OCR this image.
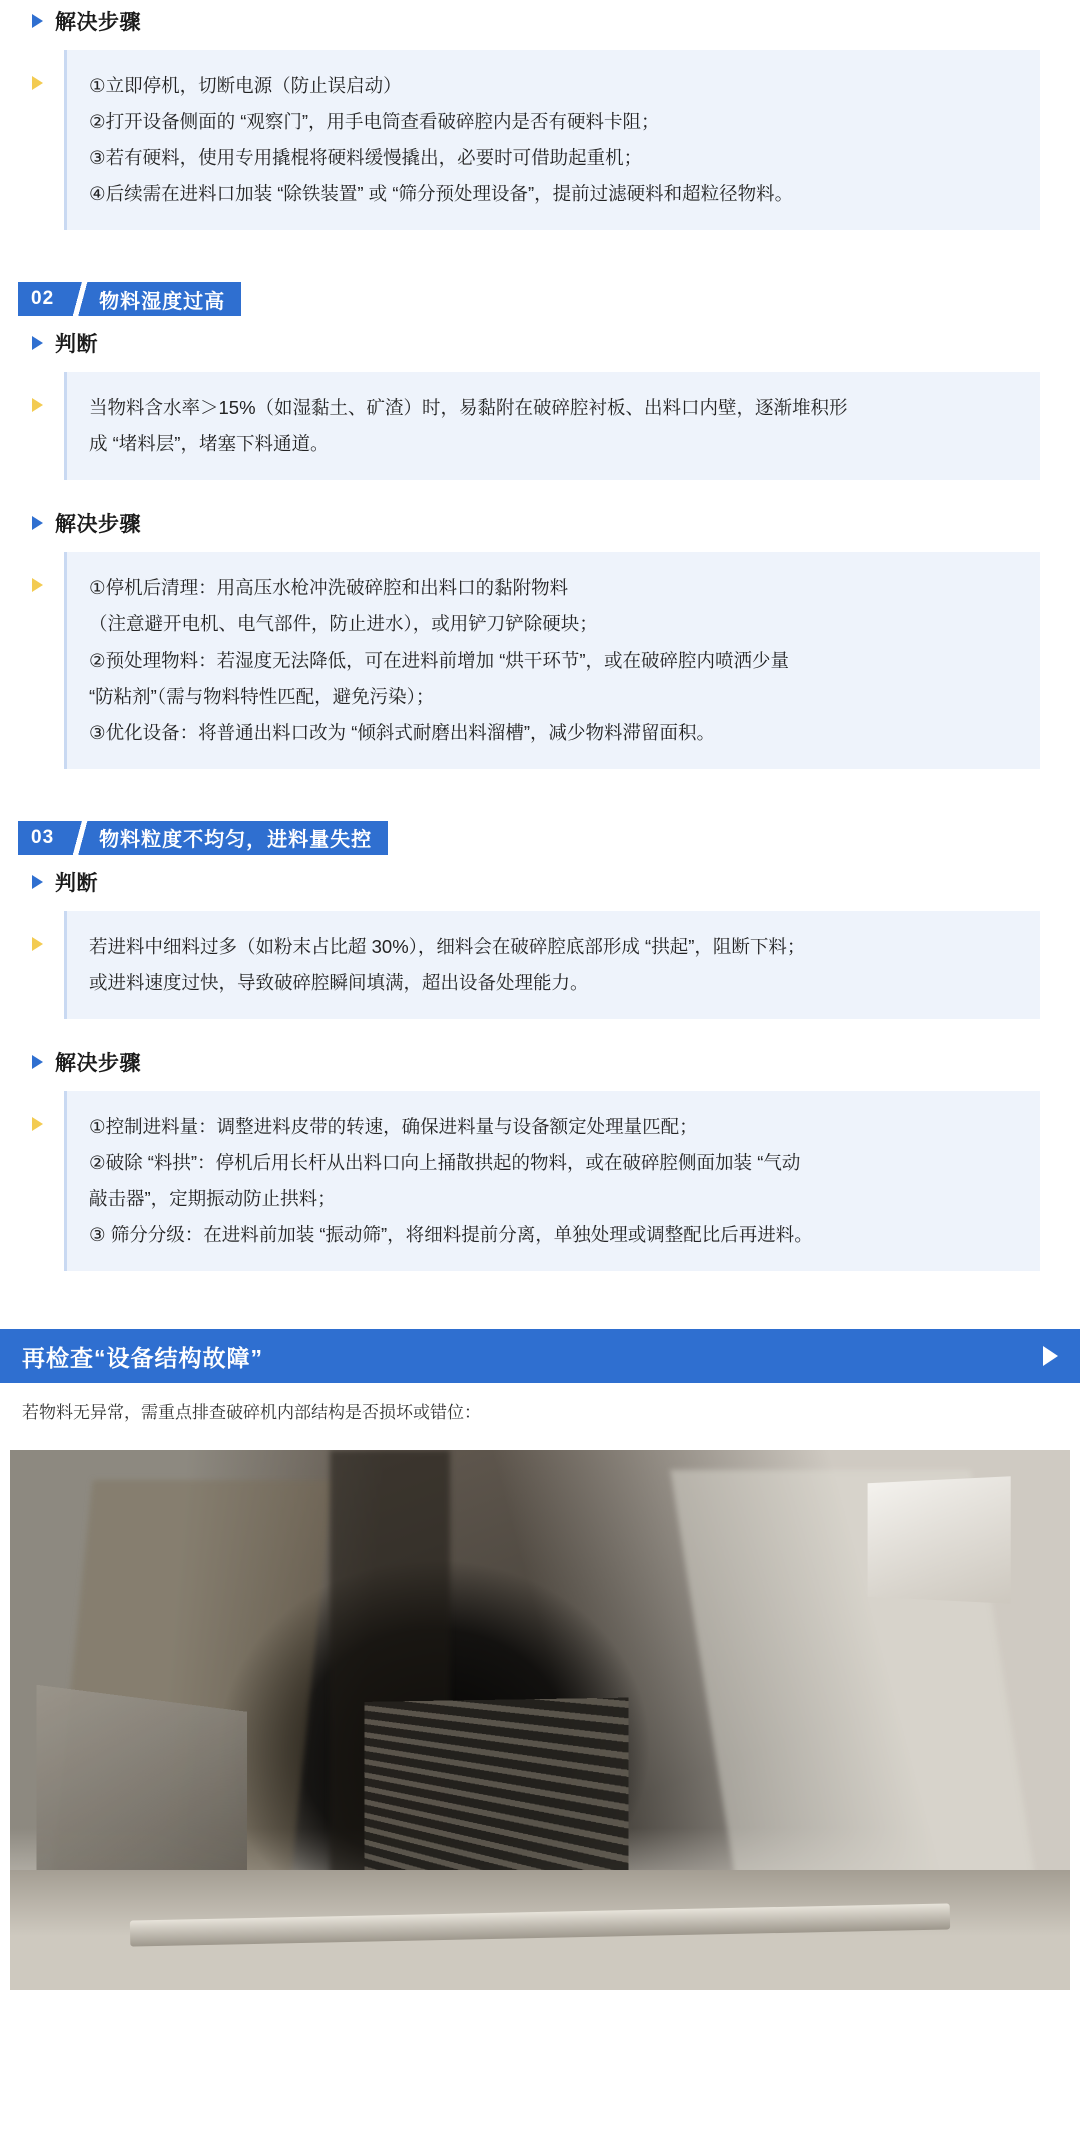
解决步骤

①立即停机，切断电源（防止误启动）

②打开设备侧面的 “观察门”，用手电筒查看破碎腔内是否有硬料卡阻；

③若有硬料，使用专用撬棍将硬料缓慢撬出，必要时可借助起重机；

④后续需在进料口加装 “除铁装置” 或 “筛分预处理设备”，提前过滤硬料和超粒径物料。

02	物料湿度过高
判断

当物料含水率＞15%（如湿黏土、矿渣）时，易黏附在破碎腔衬板、出料口内壁，逐渐堆积形

成 “堵料层”，堵塞下料通道。

解决步骤

①停机后清理：用高压水枪冲洗破碎腔和出料口的黏附物料

（注意避开电机、电气部件，防止进水），或用铲刀铲除硬块；

②预处理物料：若湿度无法降低，可在进料前增加 “烘干环节”，或在破碎腔内喷洒少量

“防粘剂”（需与物料特性匹配，避免污染）；

③优化设备：将普通出料口改为 “倾斜式耐磨出料溜槽”，减少物料滞留面积。

03	物料粒度不均匀，进料量失控
判断

若进料中细料过多（如粉末占比超 30%），细料会在破碎腔底部形成 “拱起”，阻断下料；

或进料速度过快，导致破碎腔瞬间填满，超出设备处理能力。

解决步骤

①控制进料量：调整进料皮带的转速，确保进料量与设备额定处理量匹配；

②破除 “料拱”：停机后用长杆从出料口向上捅散拱起的物料，或在破碎腔侧面加装 “气动

敲击器”，定期振动防止拱料；

③ 筛分分级：在进料前加装 “振动筛”，将细料提前分离，单独处理或调整配比后再进料。

再检查“设备结构故障”
若物料无异常，需重点排查破碎机内部结构是否损坏或错位：
